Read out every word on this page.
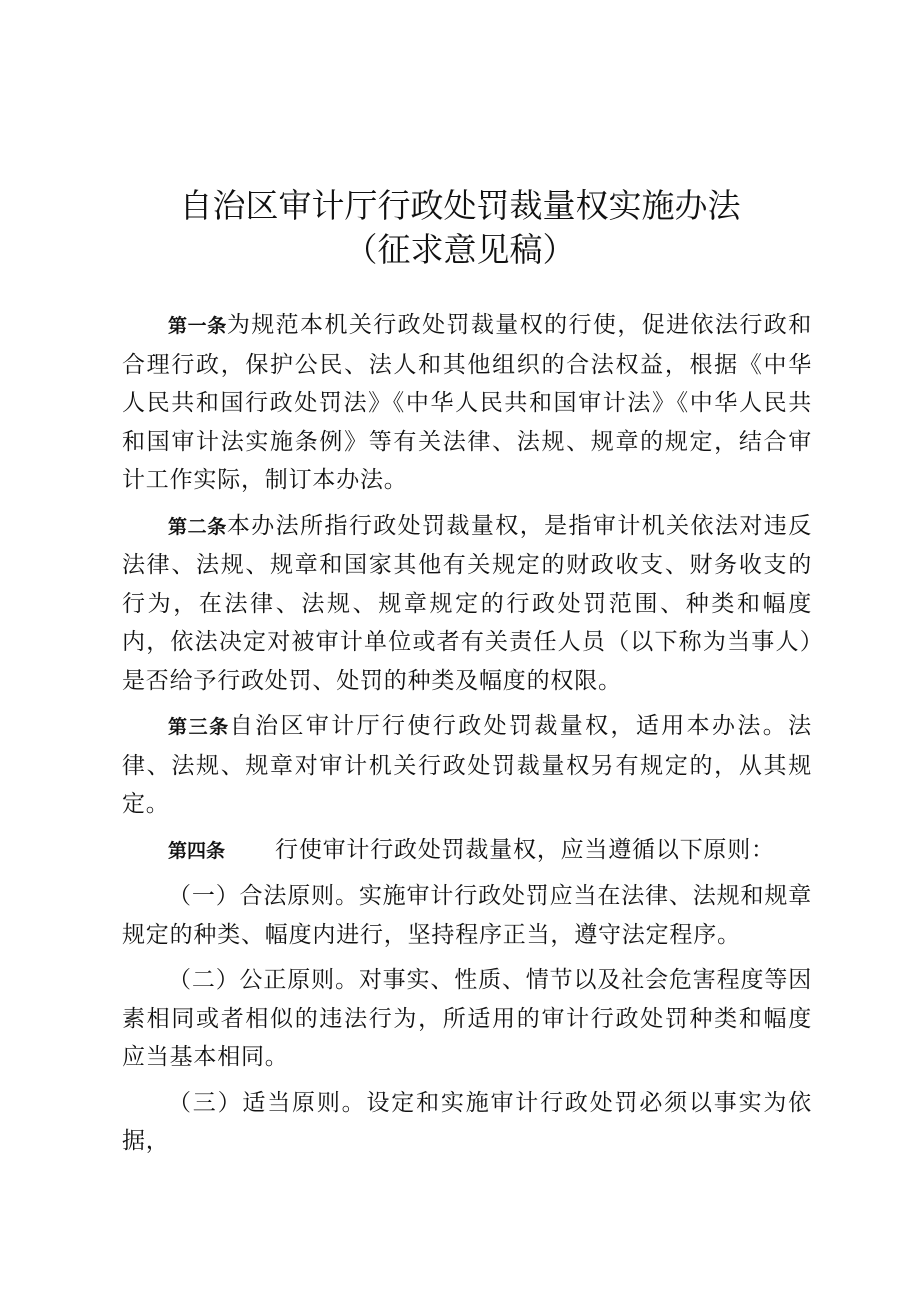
自治区审计厅行政处罚裁量权实施办法
（征求意见稿）

第一条为规范本机关行政处罚裁量权的行使，促进依法行政和合理行政，保护公民、法人和其他组织的合法权益，根据《中华人民共和国行政处罚法》《中华人民共和国审计法》《中华人民共和国审计法实施条例》等有关法律、法规、规章的规定，结合审计工作实际，制订本办法。

第二条本办法所指行政处罚裁量权，是指审计机关依法对违反法律、法规、规章和国家其他有关规定的财政收支、财务收支的行为，在法律、法规、规章规定的行政处罚范围、种类和幅度内，依法决定对被审计单位或者有关责任人员（以下称为当事人）是否给予行政处罚、处罚的种类及幅度的权限。

第三条自治区审计厅行使行政处罚裁量权，适用本办法。法律、法规、规章对审计机关行政处罚裁量权另有规定的，从其规定。

第四条 行使审计行政处罚裁量权，应当遵循以下原则：

（一）合法原则。实施审计行政处罚应当在法律、法规和规章规定的种类、幅度内进行，坚持程序正当，遵守法定程序。

（二）公正原则。对事实、性质、情节以及社会危害程度等因素相同或者相似的违法行为，所适用的审计行政处罚种类和幅度应当基本相同。

（三）适当原则。设定和实施审计行政处罚必须以事实为依据，
